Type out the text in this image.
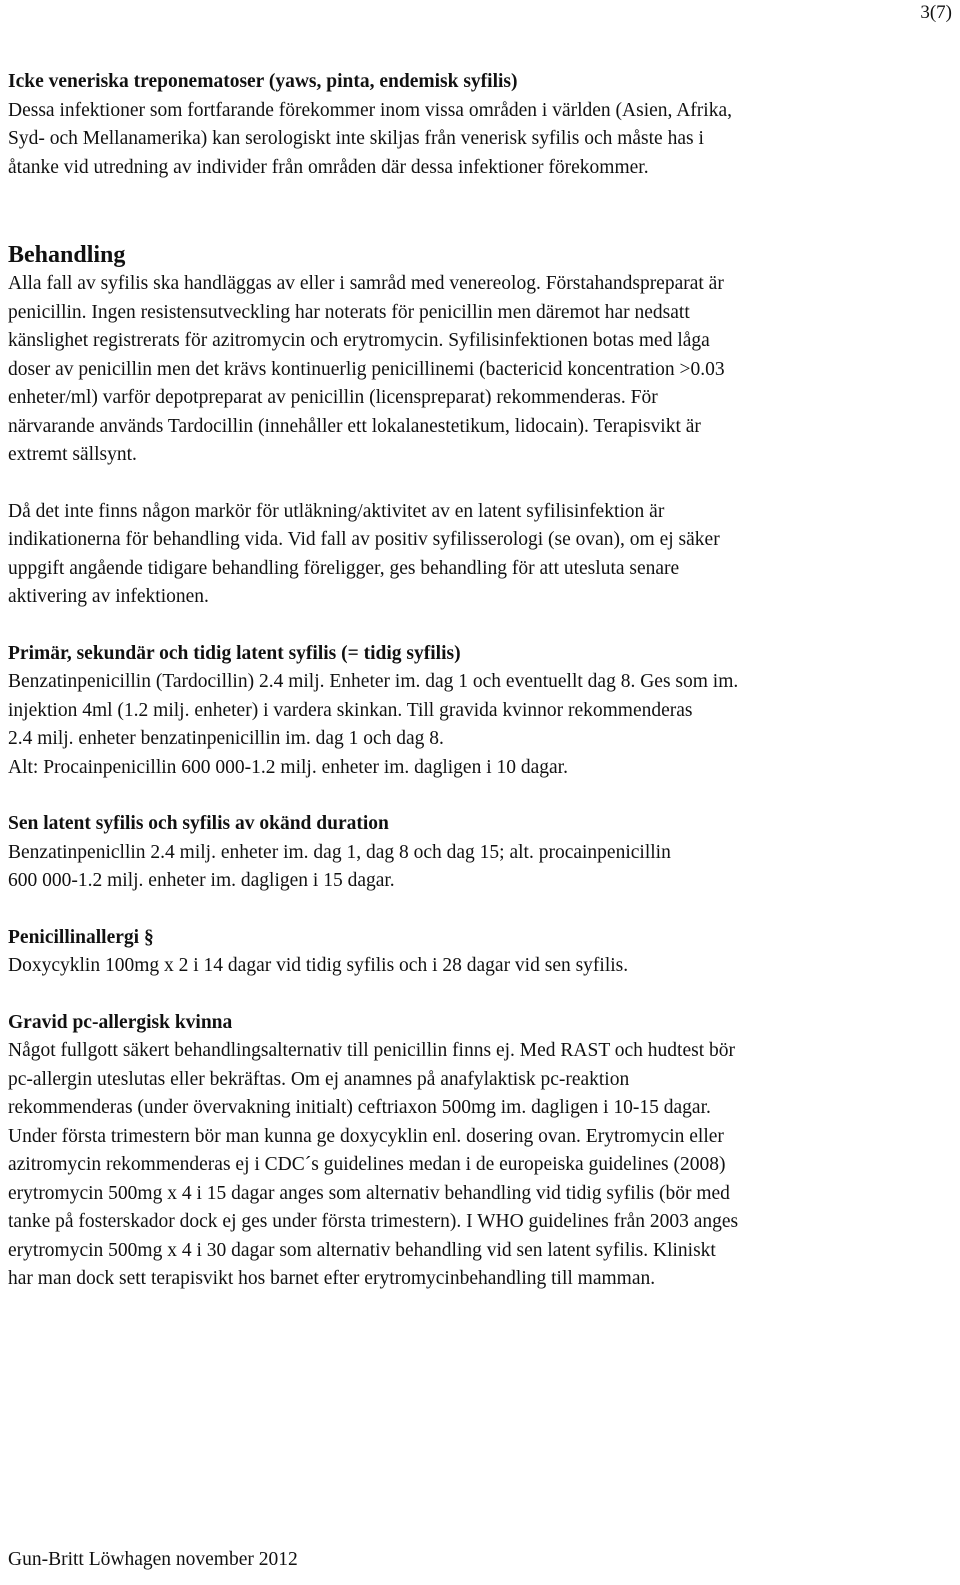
3(7)

Icke veneriska treponematoser (yaws, pinta, endemisk syfilis)

Dessa infektioner som fortfarande förekommer inom vissa områden i världen (Asien, Afrika,

Syd- och Mellanamerika) kan serologiskt inte skiljas från venerisk syfilis och måste has i

åtanke vid utredning av individer från områden där dessa infektioner förekommer.

Behandling

Alla fall av syfilis ska handläggas av eller i samråd med venereolog. Förstahandspreparat är

penicillin. Ingen resistensutveckling har noterats för penicillin men däremot har nedsatt

känslighet registrerats för azitromycin och erytromycin. Syfilisinfektionen botas med låga

doser av penicillin men det krävs kontinuerlig penicillinemi (bactericid koncentration >0.03

enheter/ml) varför depotpreparat av penicillin (licenspreparat) rekommenderas. För

närvarande används Tardocillin (innehåller ett lokalanestetikum, lidocain). Terapisvikt är

extremt sällsynt.

Då det inte finns någon markör för utläkning/aktivitet av en latent syfilisinfektion är

indikationerna för behandling vida. Vid fall av positiv syfilisserologi (se ovan), om ej säker

uppgift angående tidigare behandling föreligger, ges behandling för att utesluta senare

aktivering av infektionen.

Primär, sekundär och tidig latent syfilis (= tidig syfilis)

Benzatinpenicillin (Tardocillin) 2.4 milj. Enheter im. dag 1 och eventuellt dag 8. Ges som im.

injektion 4ml (1.2 milj. enheter) i vardera skinkan. Till gravida kvinnor rekommenderas

2.4 milj. enheter benzatinpenicillin im. dag 1 och dag 8.

Alt: Procainpenicillin 600 000-1.2 milj. enheter im. dagligen i 10 dagar.

Sen latent syfilis och syfilis av okänd duration

Benzatinpenicllin 2.4 milj. enheter im. dag 1, dag 8 och dag 15; alt. procainpenicillin

600 000-1.2 milj. enheter im. dagligen i 15 dagar.

Penicillinallergi §

Doxycyklin 100mg x 2 i 14 dagar vid tidig syfilis och i 28 dagar vid sen syfilis.

Gravid pc-allergisk kvinna

Något fullgott säkert behandlingsalternativ till penicillin finns ej. Med RAST och hudtest bör

pc-allergin uteslutas eller bekräftas. Om ej anamnes på anafylaktisk pc-reaktion

rekommenderas (under övervakning initialt) ceftriaxon 500mg im. dagligen i 10-15 dagar.

Under första trimestern bör man kunna ge doxycyklin enl. dosering ovan. Erytromycin eller

azitromycin rekommenderas ej i CDC´s guidelines medan i de europeiska guidelines (2008)

erytromycin 500mg x 4 i 15 dagar anges som alternativ behandling vid tidig syfilis (bör med

tanke på fosterskador dock ej ges under första trimestern). I WHO guidelines från 2003 anges

erytromycin 500mg x 4 i 30 dagar som alternativ behandling vid sen latent syfilis. Kliniskt

har man dock sett terapisvikt hos barnet efter erytromycinbehandling till mamman.

Gun-Britt Löwhagen november 2012
